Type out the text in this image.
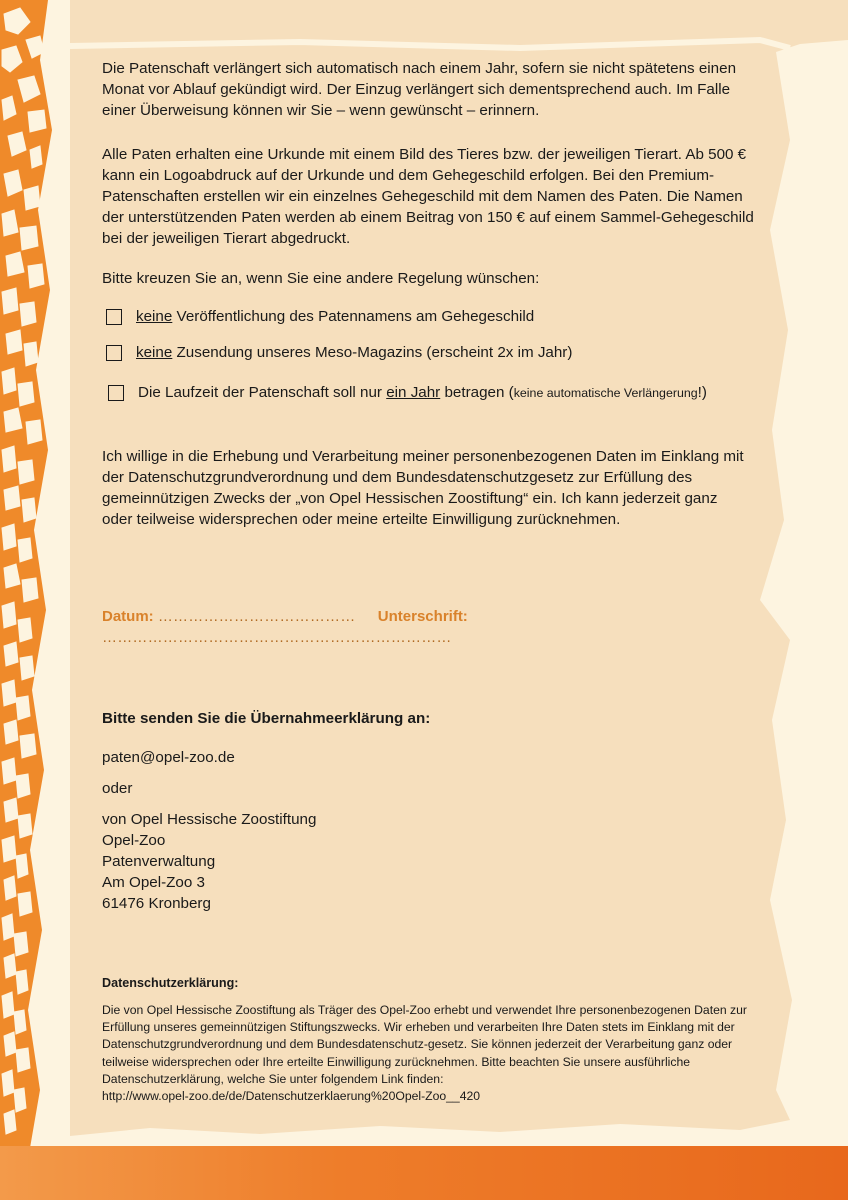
Die Patenschaft verlängert sich automatisch nach einem Jahr, sofern sie nicht spätetens einen Monat vor Ablauf gekündigt wird. Der Einzug verlängert sich dementsprechend auch. Im Falle einer Überweisung können wir Sie – wenn gewünscht – erinnern.

Alle Paten erhalten eine Urkunde mit einem Bild des Tieres bzw. der jeweiligen Tierart. Ab 500 € kann ein Logoabdruck auf der Urkunde und dem Gehegeschild erfolgen. Bei den Premium-Patenschaften erstellen wir ein einzelnes Gehegeschild mit dem Namen des Paten. Die Namen der unterstützenden Paten werden ab einem Beitrag von 150 € auf einem Sammel-Gehegeschild bei der jeweiligen Tierart abgedruckt.

Bitte kreuzen Sie an, wenn Sie eine andere Regelung wünschen:

keine Veröffentlichung des Patennamens am Gehegeschild
keine Zusendung unseres Meso-Magazins (erscheint 2x im Jahr)
Die Laufzeit der Patenschaft soll nur ein Jahr betragen (keine automatische Verlängerung!)

Ich willige in die Erhebung und Verarbeitung meiner personenbezogenen Daten im Einklang mit der Datenschutzgrundverordnung und dem Bundesdatenschutzgesetz zur Erfüllung des gemeinnützigen Zwecks der „von Opel Hessischen Zoostiftung“ ein. Ich kann jederzeit ganz oder teilweise widersprechen oder meine erteilte Einwilligung zurücknehmen.

Datum: ………………………………… Unterschrift: ……………………………………………………………
Bitte senden Sie die Übernahmeerklärung an:
paten@opel-zoo.de
oder
von Opel Hessische Zoostiftung
Opel-Zoo
Patenverwaltung
Am Opel-Zoo 3
61476 Kronberg
Datenschutzerklärung:
Die von Opel Hessische Zoostiftung als Träger des Opel-Zoo erhebt und verwendet Ihre personenbezogenen Daten zur Erfüllung unseres gemeinnützigen Stiftungszwecks. Wir erheben und verarbeiten Ihre Daten stets im Einklang mit der Datenschutzgrundverordnung und dem Bundesdatenschutz-gesetz. Sie können jederzeit der Verarbeitung ganz oder teilweise widersprechen oder Ihre erteilte Einwilligung zurücknehmen. Bitte beachten Sie unsere ausführliche Datenschutzerklärung, welche Sie unter folgendem Link finden:
http://www.opel-zoo.de/de/Datenschutzerklaerung%20Opel-Zoo__420
